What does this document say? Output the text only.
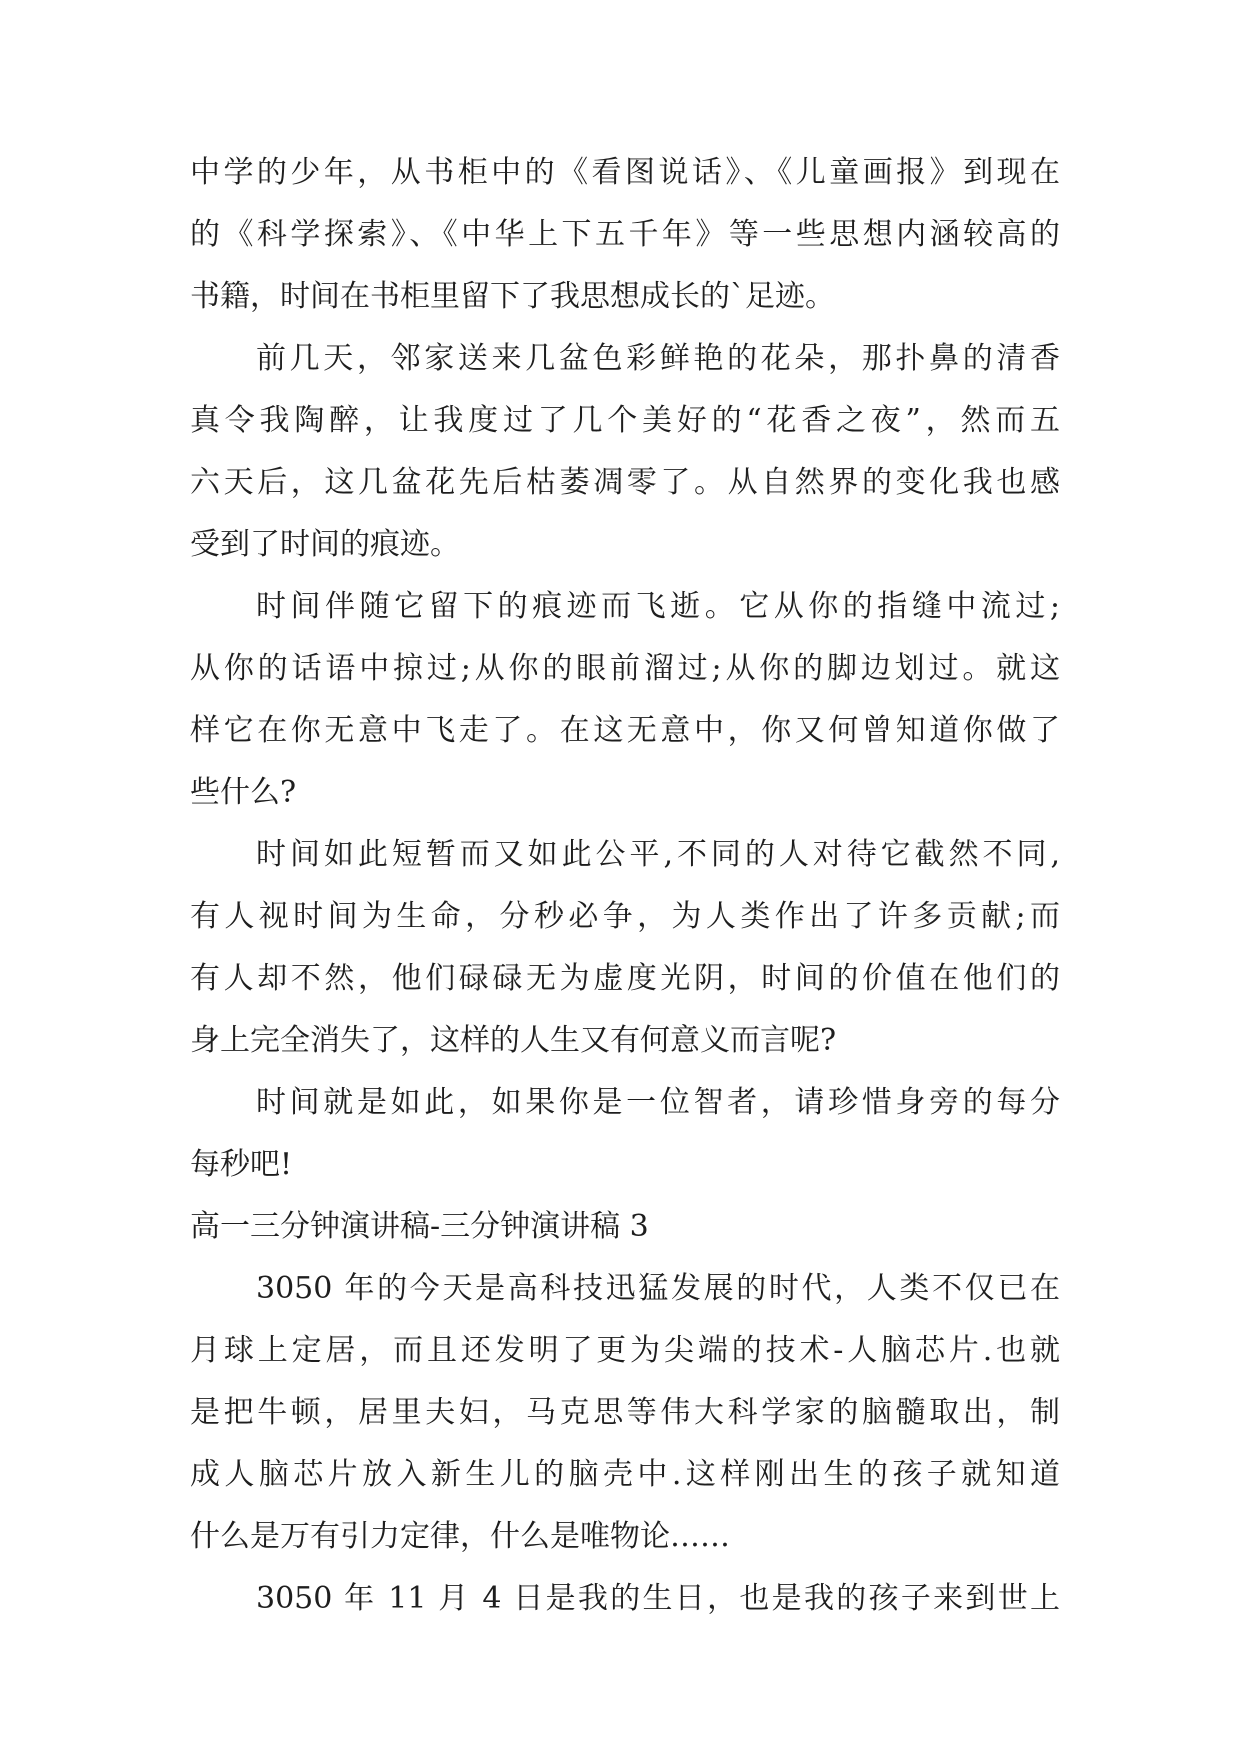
中学的少年，从书柜中的《看图说话》、《儿童画报》到现在
的《科学探索》、《中华上下五千年》等一些思想内涵较高的
书籍，时间在书柜里留下了我思想成长的`足迹。
前几天，邻家送来几盆色彩鲜艳的花朵，那扑鼻的清香
真令我陶醉，让我度过了几个美好的“花香之夜”，然而五
六天后，这几盆花先后枯萎凋零了。从自然界的变化我也感
受到了时间的痕迹。
时间伴随它留下的痕迹而飞逝。它从你的指缝中流过;
从你的话语中掠过;从你的眼前溜过;从你的脚边划过。就这
样它在你无意中飞走了。在这无意中，你又何曾知道你做了
些什么?
时间如此短暂而又如此公平,不同的人对待它截然不同,
有人视时间为生命，分秒必争，为人类作出了许多贡献;而
有人却不然，他们碌碌无为虚度光阴，时间的价值在他们的
身上完全消失了，这样的人生又有何意义而言呢?
时间就是如此，如果你是一位智者，请珍惜身旁的每分
每秒吧!
高一三分钟演讲稿-三分钟演讲稿 3
3050 年的今天是高科技迅猛发展的时代，人类不仅已在
月球上定居，而且还发明了更为尖端的技术-人脑芯片.也就
是把牛顿，居里夫妇，马克思等伟大科学家的脑髓取出，制
成人脑芯片放入新生儿的脑壳中.这样刚出生的孩子就知道
什么是万有引力定律，什么是唯物论……
3050 年 11 月 4 日是我的生日，也是我的孩子来到世上
